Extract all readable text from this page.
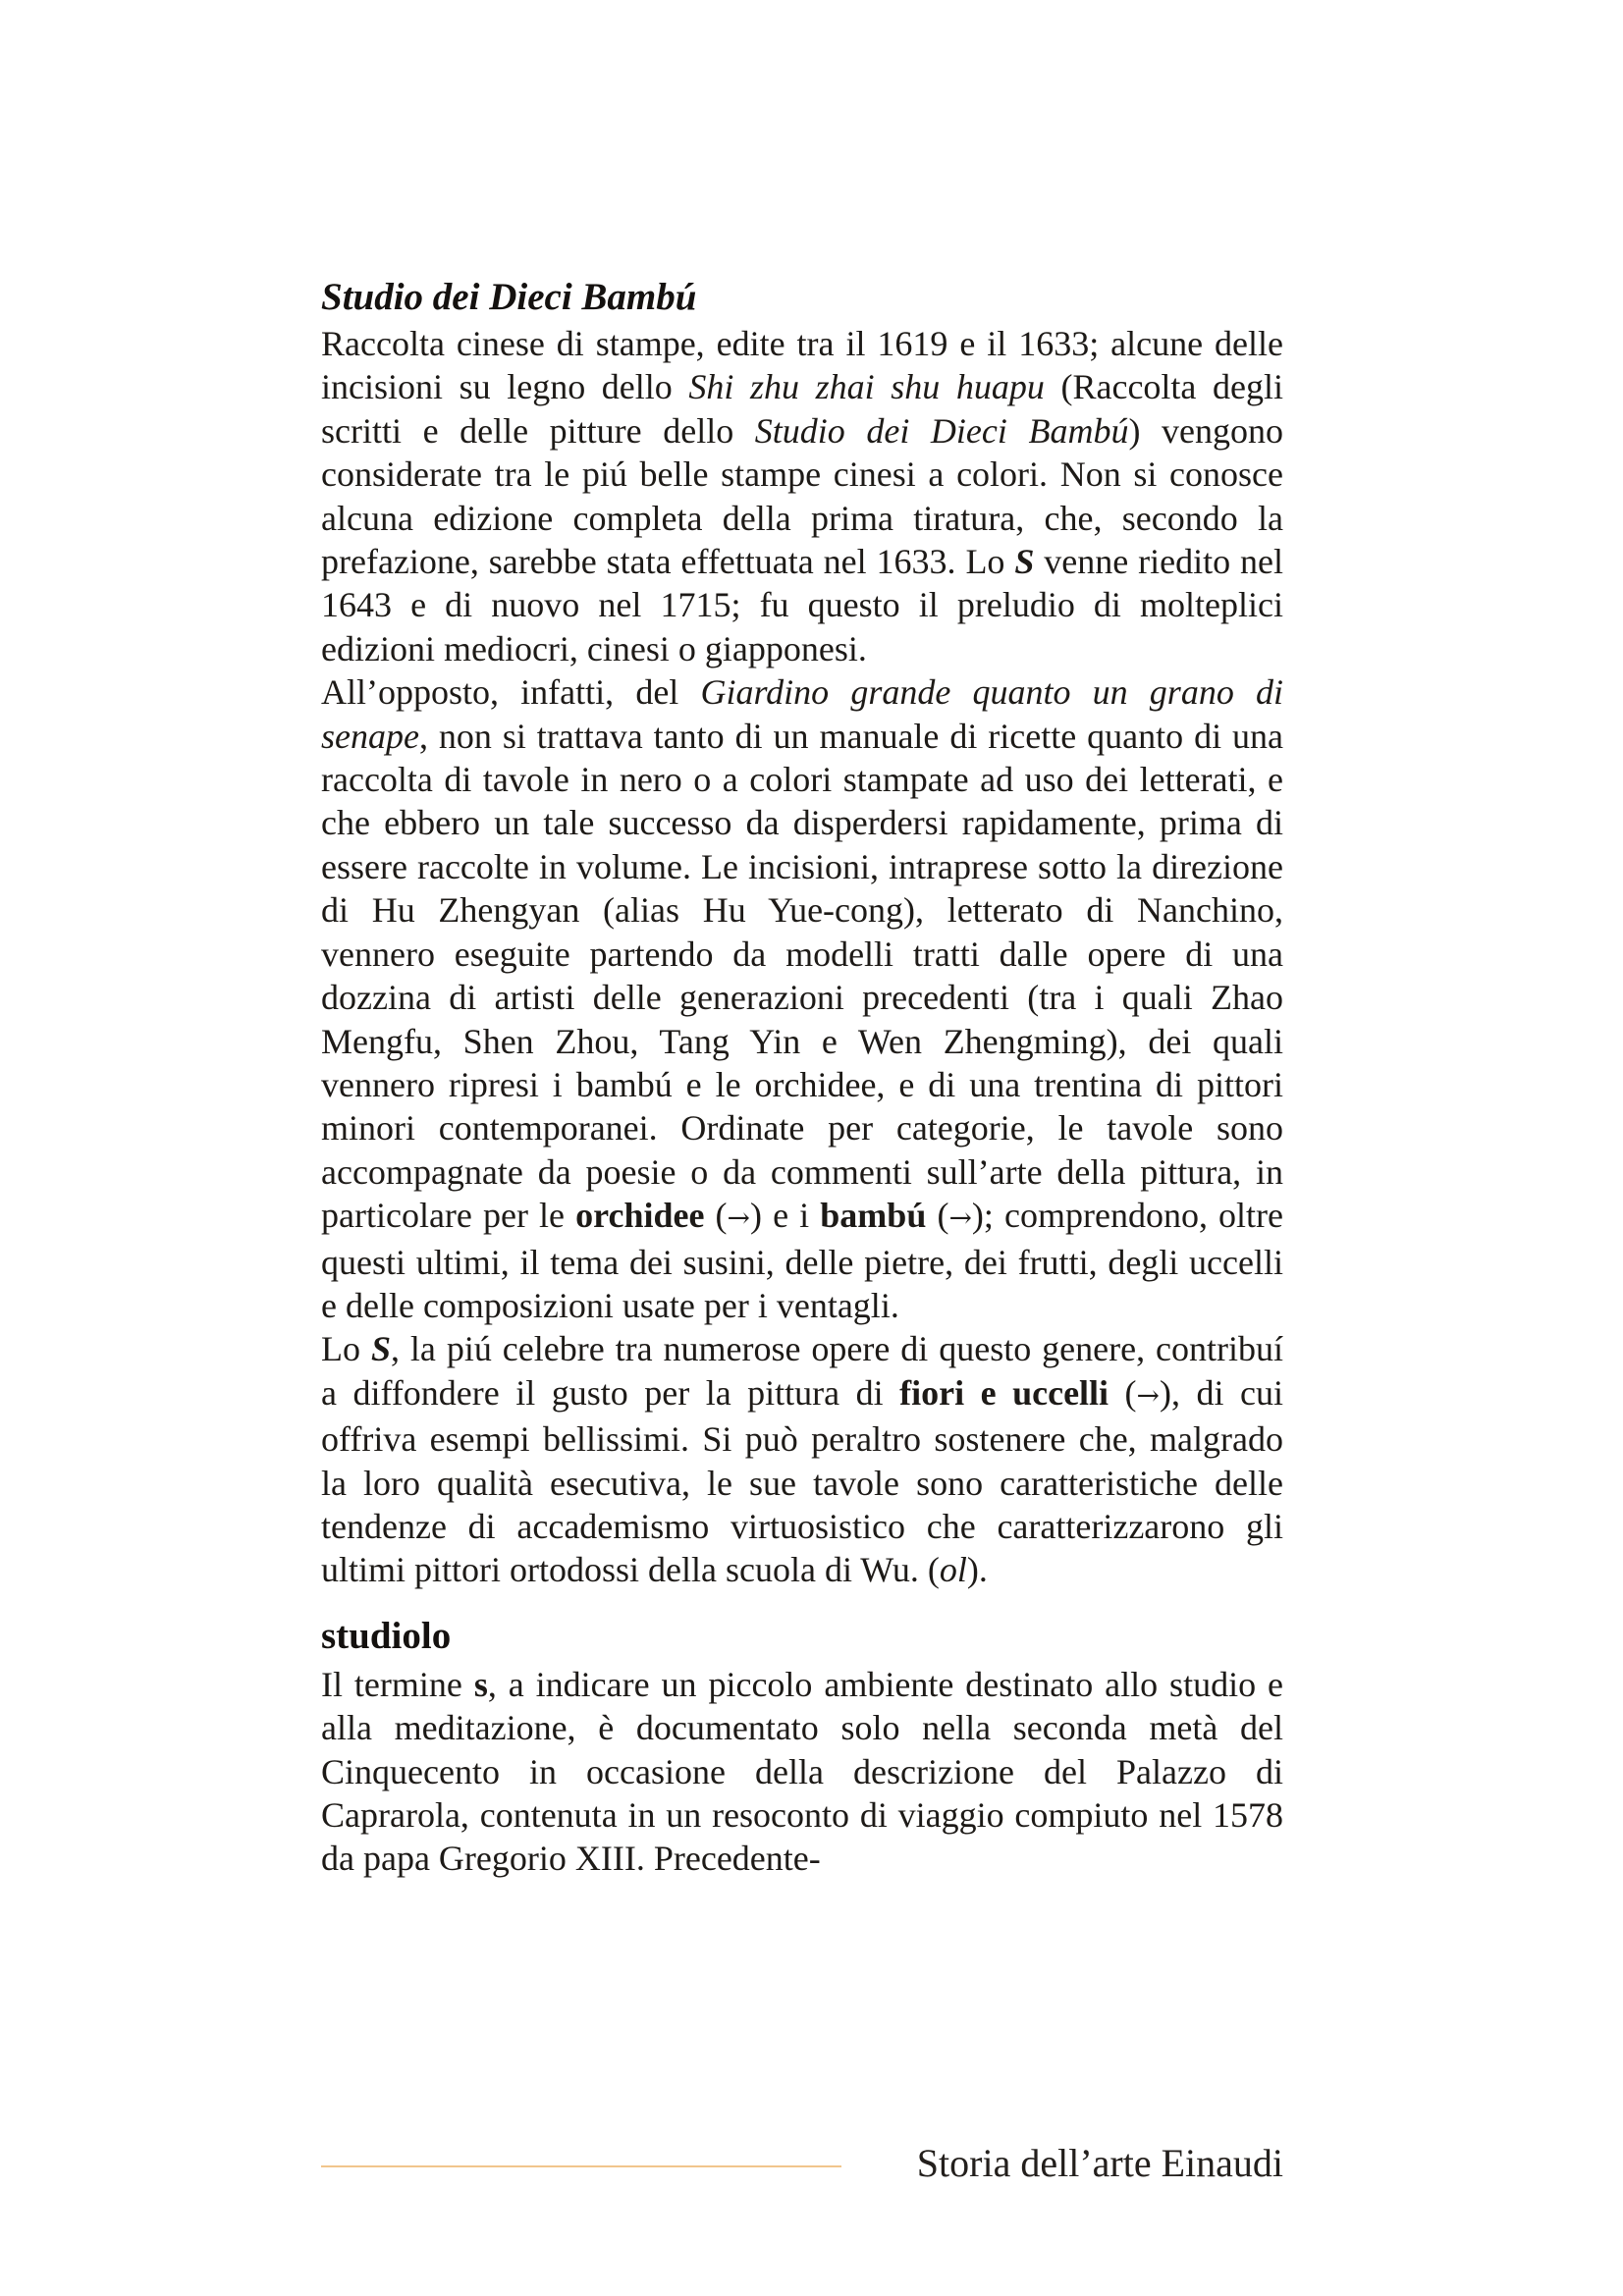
Studio dei Dieci Bambú

Raccolta cinese di stampe, edite tra il 1619 e il 1633; alcune delle incisioni su legno dello Shi zhu zhai shu huapu (Raccolta degli scritti e delle pitture dello Studio dei Dieci Bambú) vengono considerate tra le piú belle stampe cinesi a colori. Non si conosce alcuna edizione completa della prima tiratura, che, secondo la prefazione, sarebbe stata effettuata nel 1633. Lo S venne riedito nel 1643 e di nuovo nel 1715; fu questo il preludio di molteplici edizioni mediocri, cinesi o giapponesi.

All’opposto, infatti, del Giardino grande quanto un grano di senape, non si trattava tanto di un manuale di ricette quanto di una raccolta di tavole in nero o a colori stampate ad uso dei letterati, e che ebbero un tale successo da disperdersi rapidamente, prima di essere raccolte in volume. Le incisioni, intraprese sotto la direzione di Hu Zhengyan (alias Hu Yue-cong), letterato di Nanchino, vennero eseguite partendo da modelli tratti dalle opere di una dozzina di artisti delle generazioni precedenti (tra i quali Zhao Mengfu, Shen Zhou, Tang Yin e Wen Zhengming), dei quali vennero ripresi i bambú e le orchidee, e di una trentina di pittori minori contemporanei. Ordinate per categorie, le tavole sono accompagnate da poesie o da commenti sull’arte della pittura, in particolare per le orchidee (→) e i bambú (→); comprendono, oltre questi ultimi, il tema dei susini, delle pietre, dei frutti, degli uccelli e delle composizioni usate per i ventagli.

Lo S, la piú celebre tra numerose opere di questo genere, contribuí a diffondere il gusto per la pittura di fiori e uccelli (→), di cui offriva esempi bellissimi. Si può peraltro sostenere che, malgrado la loro qualità esecutiva, le sue tavole sono caratteristiche delle tendenze di accademismo virtuosistico che caratterizzarono gli ultimi pittori ortodossi della scuola di Wu. (ol).

studiolo

Il termine s, a indicare un piccolo ambiente destinato allo studio e alla meditazione, è documentato solo nella seconda metà del Cinquecento in occasione della descrizione del Palazzo di Caprarola, contenuta in un resoconto di viaggio compiuto nel 1578 da papa Gregorio XIII. Precedente-

Storia dell’arte Einaudi
